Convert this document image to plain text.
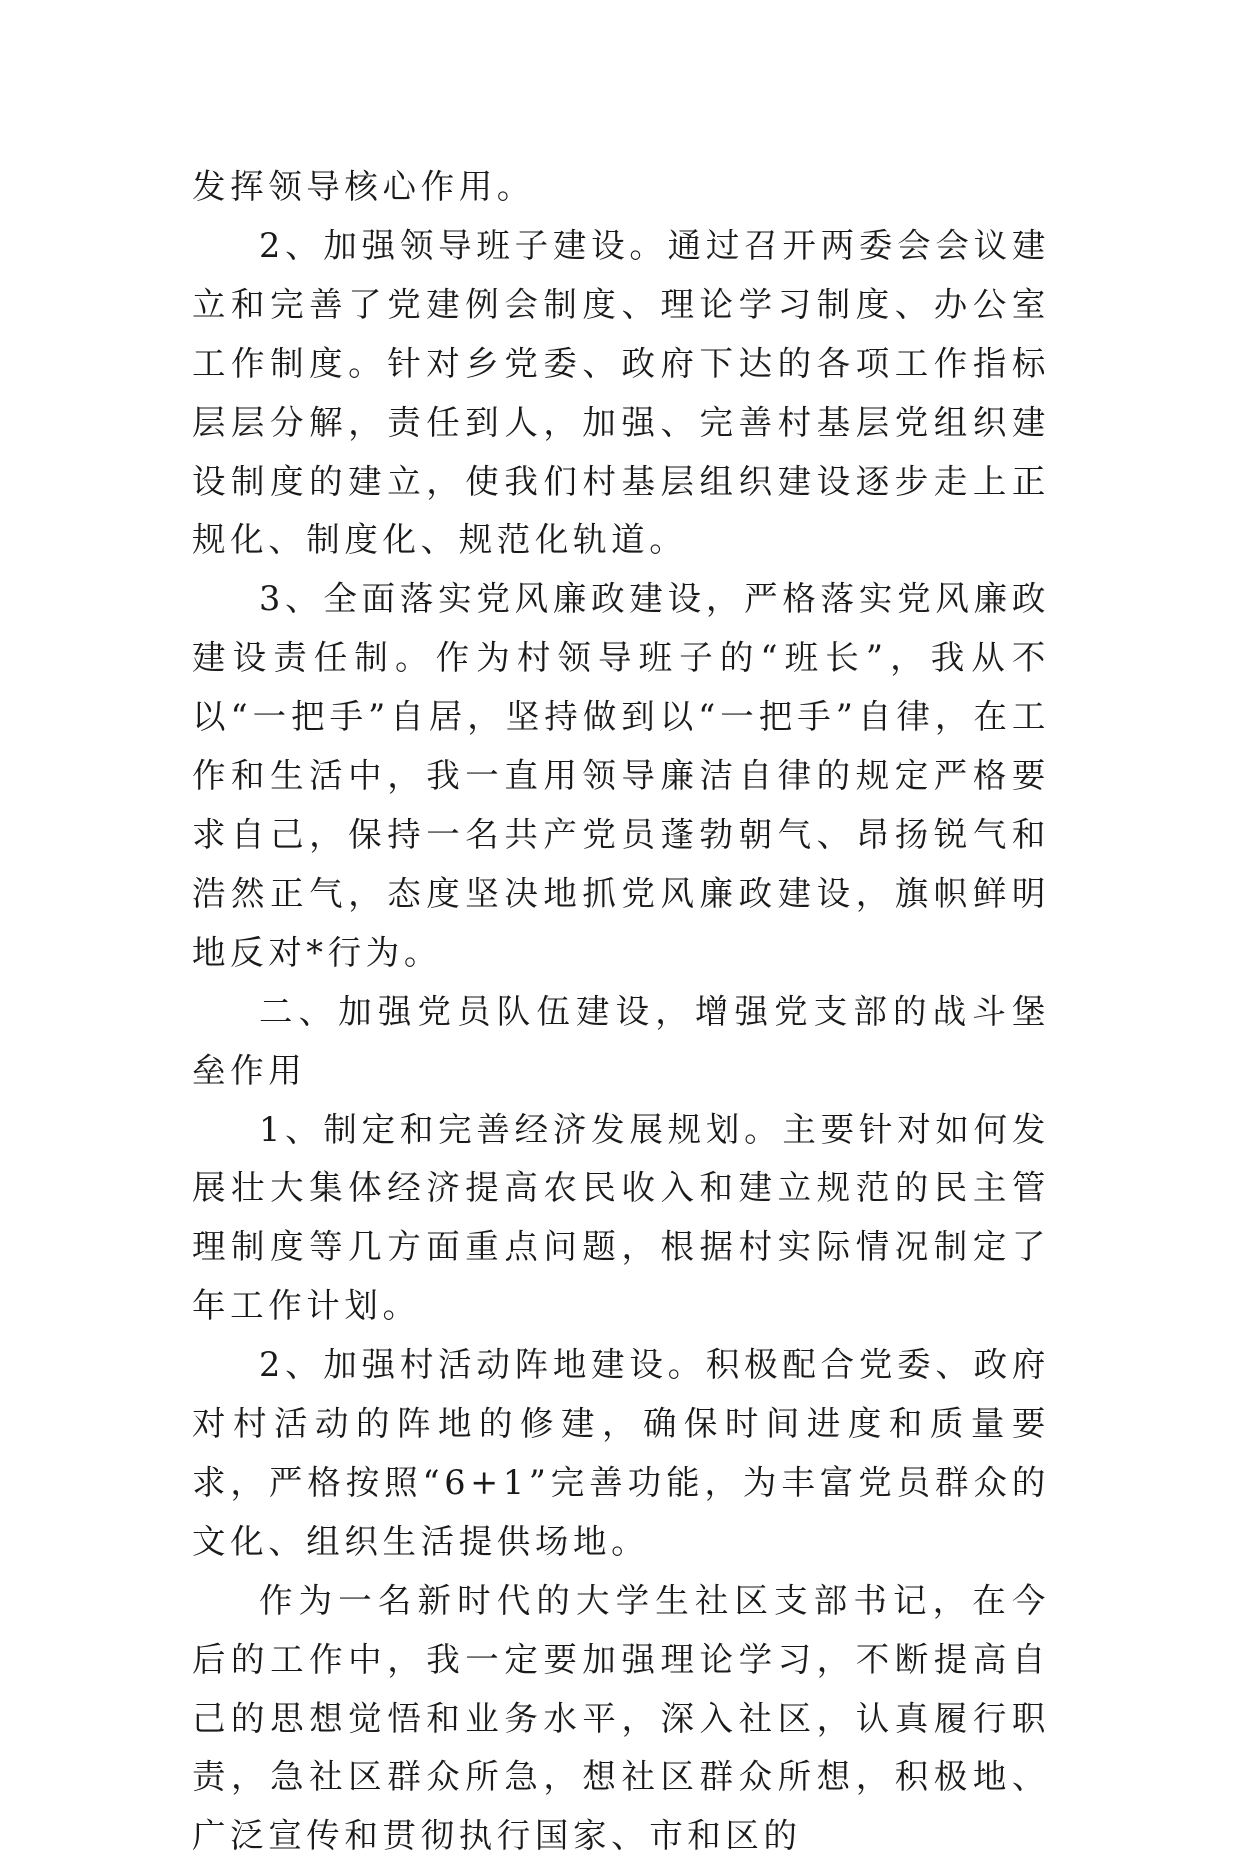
发挥领导核心作用。

2、加强领导班子建设。通过召开两委会会议建立和完善了党建例会制度、理论学习制度、办公室工作制度。针对乡党委、政府下达的各项工作指标层层分解，责任到人，加强、完善村基层党组织建设制度的建立，使我们村基层组织建设逐步走上正规化、制度化、规范化轨道。

3、全面落实党风廉政建设，严格落实党风廉政建设责任制。作为村领导班子的“班长”，我从不以“一把手”自居，坚持做到以“一把手”自律，在工作和生活中，我一直用领导廉洁自律的规定严格要求自己，保持一名共产党员蓬勃朝气、昂扬锐气和浩然正气，态度坚决地抓党风廉政建设，旗帜鲜明地反对*行为。

二、加强党员队伍建设，增强党支部的战斗堡垒作用

1、制定和完善经济发展规划。主要针对如何发展壮大集体经济提高农民收入和建立规范的民主管理制度等几方面重点问题，根据村实际情况制定了年工作计划。

2、加强村活动阵地建设。积极配合党委、政府对村活动的阵地的修建，确保时间进度和质量要求，严格按照“6+1”完善功能，为丰富党员群众的文化、组织生活提供场地。

作为一名新时代的大学生社区支部书记，在今后的工作中，我一定要加强理论学习，不断提高自己的思想觉悟和业务水平，深入社区，认真履行职责，急社区群众所急，想社区群众所想，积极地、广泛宣传和贯彻执行国家、市和区的
